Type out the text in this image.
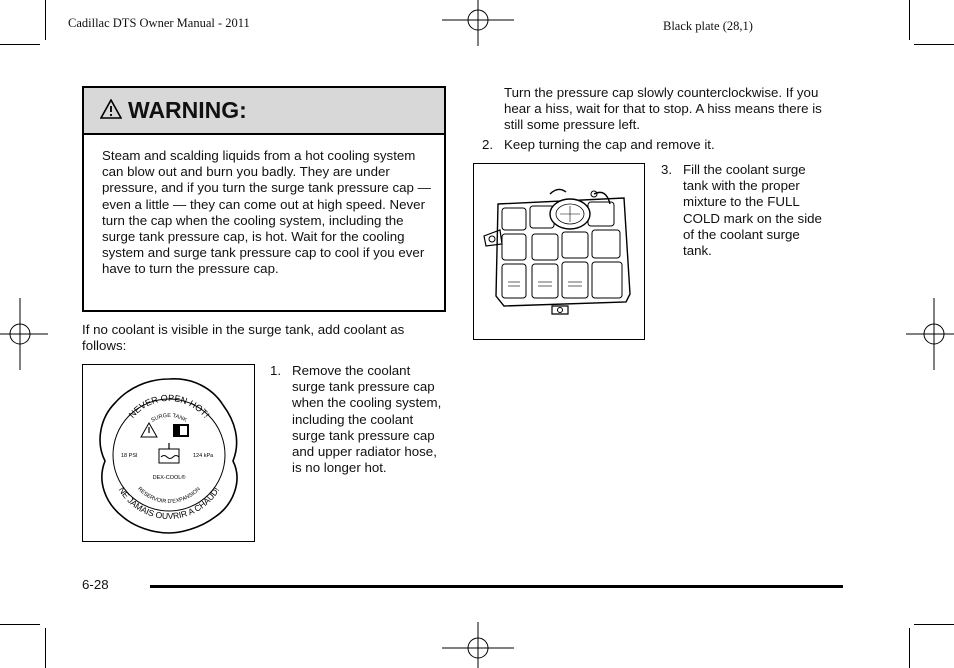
Cadillac DTS Owner Manual - 2011	Black plate (28,1)
WARNING:
Steam and scalding liquids from a hot cooling system can blow out and burn you badly. They are under pressure, and if you turn the surge tank pressure cap — even a little — they can come out at high speed. Never turn the cap when the cooling system, including the surge tank pressure cap, is hot. Wait for the cooling system and surge tank pressure cap to cool if you ever have to turn the pressure cap.
If no coolant is visible in the surge tank, add coolant as follows:
NEVER OPEN HOT!
SURGE TANK
NE JAMAIS OUVRIR A CHAUD!
RESERVOIR D'EXPANSION
18 PSI	124 kPa
DEX-COOL®
1. Remove the coolant surge tank pressure cap when the cooling system, including the coolant surge tank pressure cap and upper radiator hose, is no longer hot.
Turn the pressure cap slowly counterclockwise. If you hear a hiss, wait for that to stop. A hiss means there is still some pressure left.
2. Keep turning the cap and remove it.
3. Fill the coolant surge tank with the proper mixture to the FULL COLD mark on the side of the coolant surge tank.
6-28
